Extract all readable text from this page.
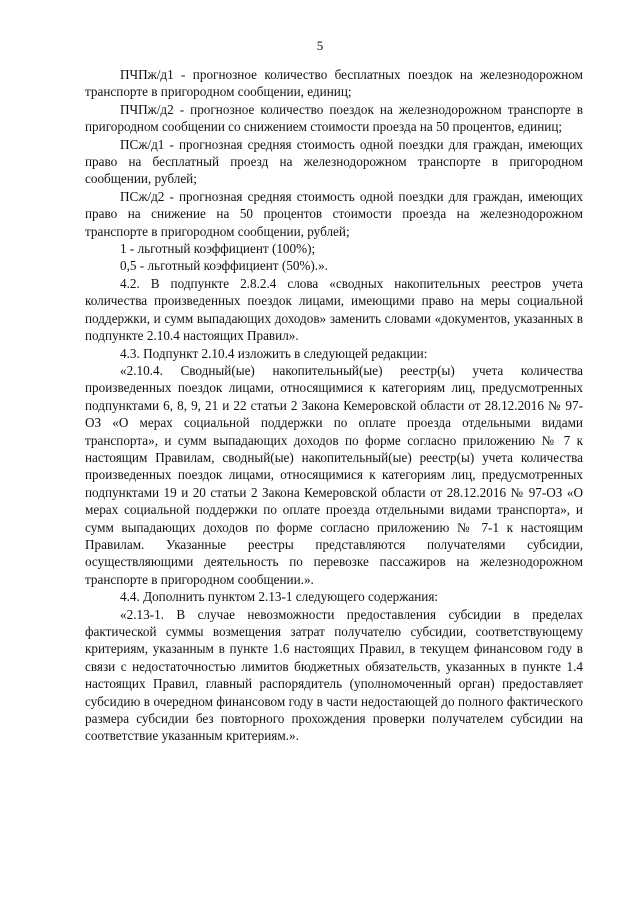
5

ПЧПж/д1 - прогнозное количество бесплатных поездок на железнодорожном транспорте в пригородном сообщении, единиц;

ПЧПж/д2 - прогнозное количество поездок на железнодорожном транспорте в пригородном сообщении со снижением стоимости проезда на 50 процентов, единиц;

ПСж/д1 - прогнозная средняя стоимость одной поездки для граждан, имеющих право на бесплатный проезд на железнодорожном транспорте в пригородном сообщении, рублей;

ПСж/д2 - прогнозная средняя стоимость одной поездки для граждан, имеющих право на снижение на 50 процентов стоимости проезда на железнодорожном транспорте в пригородном сообщении, рублей;

1 - льготный коэффициент (100%);

0,5 - льготный коэффициент (50%).».

4.2. В подпункте 2.8.2.4 слова «сводных накопительных реестров учета количества произведенных поездок лицами, имеющими право на меры социальной поддержки, и сумм выпадающих доходов» заменить словами «документов, указанных в подпункте 2.10.4 настоящих Правил».

4.3. Подпункт 2.10.4 изложить в следующей редакции:

«2.10.4. Сводный(ые) накопительный(ые) реестр(ы) учета количества произведенных поездок лицами, относящимися к категориям лиц, предусмотренных подпунктами 6, 8, 9, 21 и 22 статьи 2 Закона Кемеровской области от 28.12.2016 № 97-ОЗ «О мерах социальной поддержки по оплате проезда отдельными видами транспорта», и сумм выпадающих доходов по форме согласно приложению № 7 к настоящим Правилам, сводный(ые) накопительный(ые) реестр(ы) учета количества произведенных поездок лицами, относящимися к категориям лиц, предусмотренных подпунктами 19 и 20 статьи 2 Закона Кемеровской области от 28.12.2016 № 97-ОЗ «О мерах социальной поддержки по оплате проезда отдельными видами транспорта», и сумм выпадающих доходов по форме согласно приложению № 7-1 к настоящим Правилам. Указанные реестры представляются получателями субсидии, осуществляющими деятельность по перевозке пассажиров на железнодорожном транспорте в пригородном сообщении.».

4.4. Дополнить пунктом 2.13-1 следующего содержания:

«2.13-1. В случае невозможности предоставления субсидии в пределах фактической суммы возмещения затрат получателю субсидии, соответствующему критериям, указанным в пункте 1.6 настоящих Правил, в текущем финансовом году в связи с недостаточностью лимитов бюджетных обязательств, указанных в пункте 1.4 настоящих Правил, главный распорядитель (уполномоченный орган) предоставляет субсидию в очередном финансовом году в части недостающей до полного фактического размера субсидии без повторного прохождения проверки получателем субсидии на соответствие указанным критериям.».
